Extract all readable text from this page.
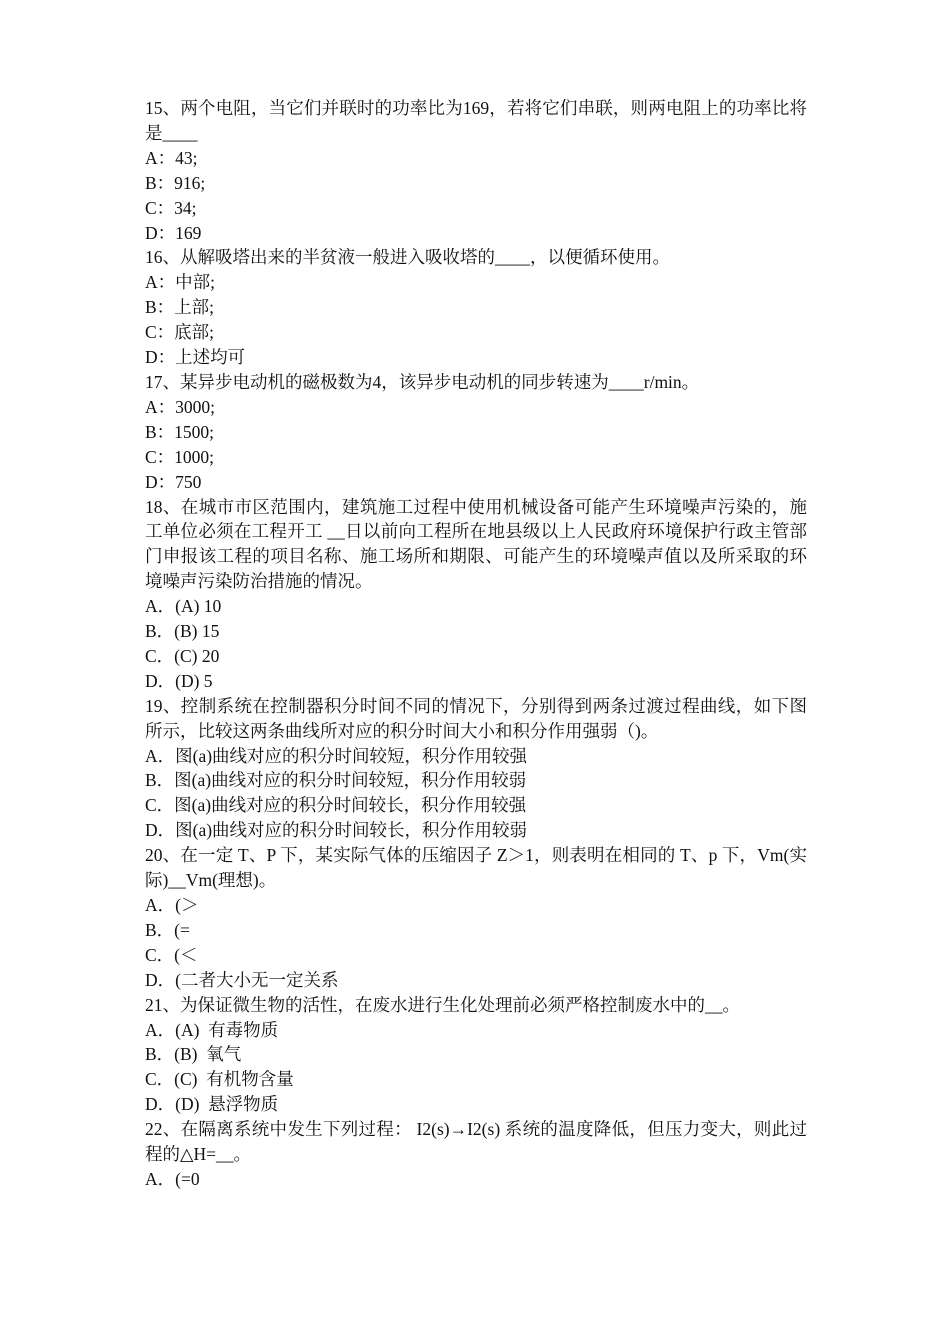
15、两个电阻，当它们并联时的功率比为169，若将它们串联，则两电阻上的功率比将是____

A：43;

B：916;

C：34;

D：169

16、从解吸塔出来的半贫液一般进入吸收塔的____，以便循环使用。

A：中部;

B：上部;

C：底部;

D：上述均可

17、某异步电动机的磁极数为4，该异步电动机的同步转速为____r/min。

A：3000;

B：1500;

C：1000;

D：750

18、在城市市区范围内，建筑施工过程中使用机械设备可能产生环境噪声污染的，施工单位必须在工程开工 __日以前向工程所在地县级以上人民政府环境保护行政主管部门申报该工程的项目名称、施工场所和期限、可能产生的环境噪声值以及所采取的环境噪声污染防治措施的情况。

A．(A) 10

B．(B) 15

C．(C) 20

D．(D) 5

19、控制系统在控制器积分时间不同的情况下，分别得到两条过渡过程曲线，如下图所示，比较这两条曲线所对应的积分时间大小和积分作用强弱（)。

A．图(a)曲线对应的积分时间较短，积分作用较强

B．图(a)曲线对应的积分时间较短，积分作用较弱

C．图(a)曲线对应的积分时间较长，积分作用较强

D．图(a)曲线对应的积分时间较长，积分作用较弱

20、在一定 T、P 下，某实际气体的压缩因子 Z＞1，则表明在相同的 T、p 下，Vm(实际)__Vm(理想)。

A．(＞

B．(=

C．(＜

D．(二者大小无一定关系

21、为保证微生物的活性，在废水进行生化处理前必须严格控制废水中的__。

A．(A)  有毒物质

B．(B)  氧气

C．(C)  有机物含量

D．(D)  悬浮物质

22、在隔离系统中发生下列过程： I2(s)→I2(s) 系统的温度降低，但压力变大，则此过程的△H=__。

A．(=0
